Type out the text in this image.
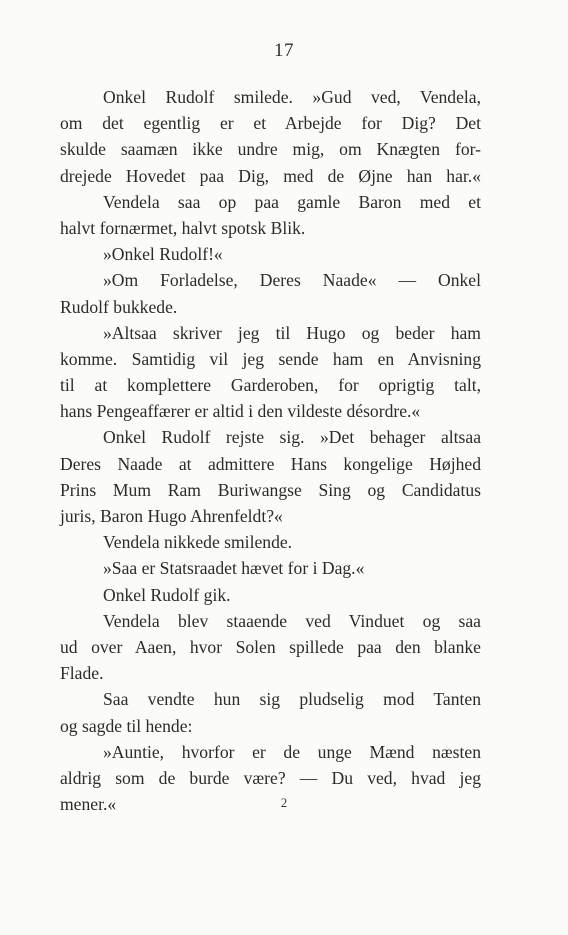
17
Onkel Rudolf smilede. »Gud ved, Vendela,
om det egentlig er et Arbejde for Dig? Det
skulde saamæn ikke undre mig, om Knægten for-
drejede Hovedet paa Dig, med de Øjne han har.«
Vendela saa op paa gamle Baron med et
halvt fornærmet, halvt spotsk Blik.
»Onkel Rudolf!«
»Om Forladelse, Deres Naade« — Onkel
Rudolf bukkede.
»Altsaa skriver jeg til Hugo og beder ham
komme. Samtidig vil jeg sende ham en Anvisning
til at komplettere Garderoben, for oprigtig talt,
hans Pengeaffærer er altid i den vildeste désordre.«
Onkel Rudolf rejste sig. »Det behager altsaa
Deres Naade at admittere Hans kongelige Højhed
Prins Mum Ram Buriwangse Sing og Candidatus
juris, Baron Hugo Ahrenfeldt?«
Vendela nikkede smilende.
»Saa er Statsraadet hævet for i Dag.«
Onkel Rudolf gik.
Vendela blev staaende ved Vinduet og saa
ud over Aaen, hvor Solen spillede paa den blanke
Flade.
Saa vendte hun sig pludselig mod Tanten
og sagde til hende:
»Auntie, hvorfor er de unge Mænd næsten
aldrig som de burde være? — Du ved, hvad jeg
mener.«	2
